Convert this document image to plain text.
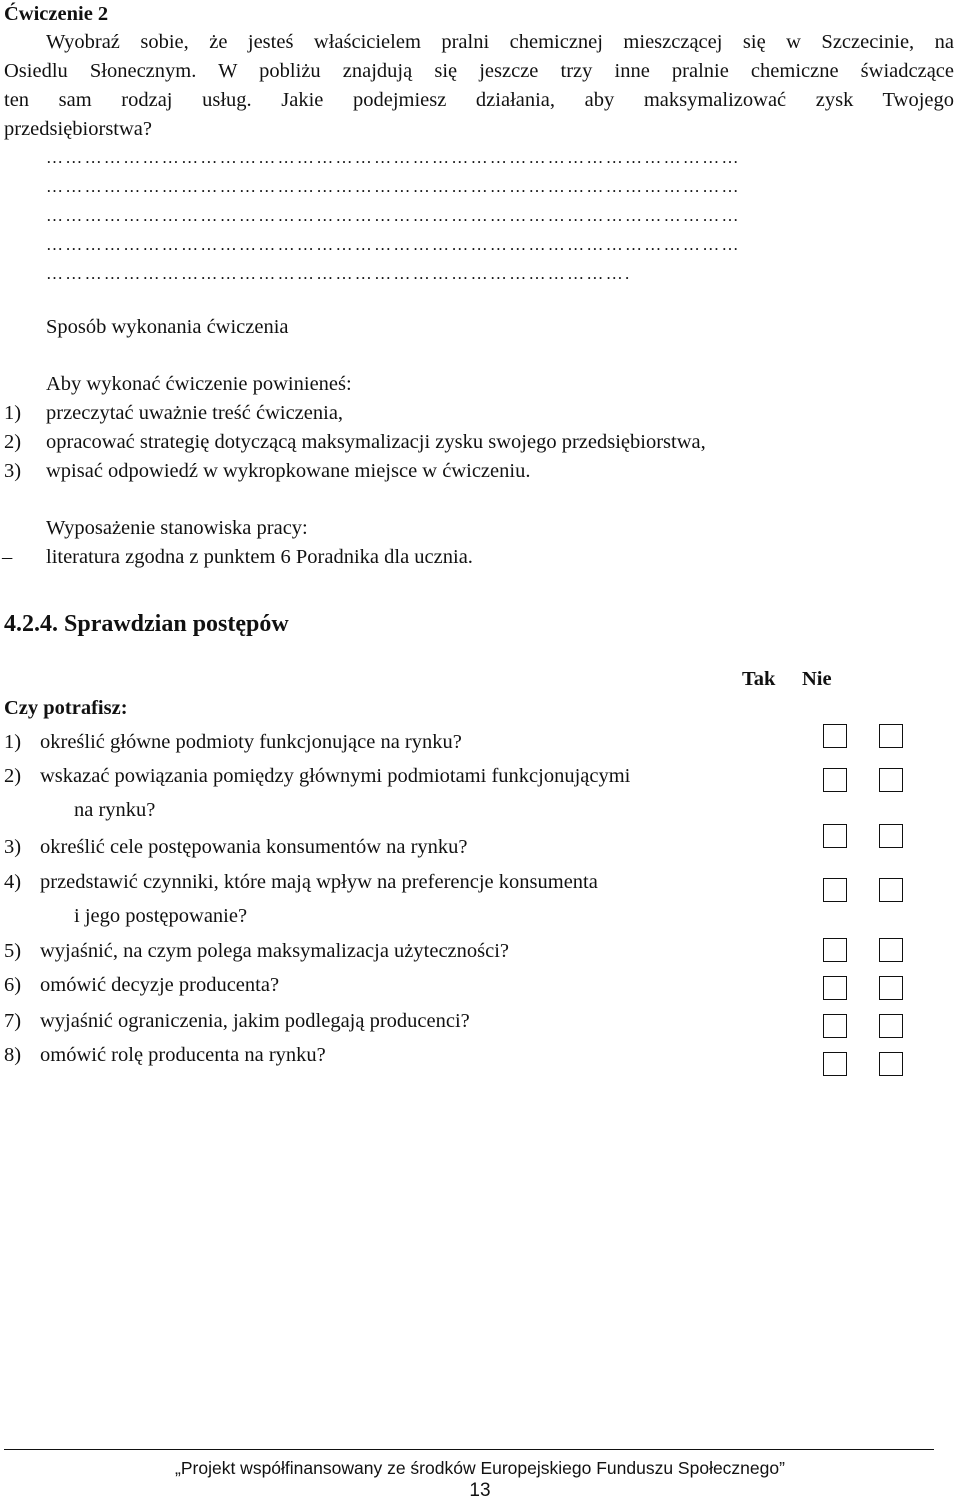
Ćwiczenie 2
Wyobraź sobie, że jesteś właścicielem pralni chemicznej mieszczącej się w Szczecinie, na
Osiedlu Słonecznym. W pobliżu znajdują się jeszcze trzy inne pralnie chemiczne świadczące
ten sam rodzaj usług. Jakie podejmiesz działania, aby maksymalizować zysk Twojego
przedsiębiorstwa?
………………………………………………………………………………………………
………………………………………………………………………………………………
………………………………………………………………………………………………
………………………………………………………………………………………………
……………………………………………………………………………….
Sposób wykonania ćwiczenia
Aby wykonać ćwiczenie powinieneś:
1) przeczytać uważnie treść ćwiczenia,
2) opracować strategię dotyczącą maksymalizacji zysku swojego przedsiębiorstwa,
3) wpisać odpowiedź w wykropkowane miejsce w ćwiczeniu.
Wyposażenie stanowiska pracy:
– literatura zgodna z punktem 6 Poradnika dla ucznia.
4.2.4. Sprawdzian postępów
Tak Nie
Czy potrafisz:
1) określić główne podmioty funkcjonujące na rynku?
2) wskazać powiązania pomiędzy głównymi podmiotami funkcjonującymi
na rynku?
3) określić cele postępowania konsumentów na rynku?
4) przedstawić czynniki, które mają wpływ na preferencje konsumenta
i jego postępowanie?
5) wyjaśnić, na czym polega maksymalizacja użyteczności?
6) omówić decyzje producenta?
7) wyjaśnić ograniczenia, jakim podlegają producenci?
8) omówić rolę producenta na rynku?
„Projekt współfinansowany ze środków Europejskiego Funduszu Społecznego”
13
